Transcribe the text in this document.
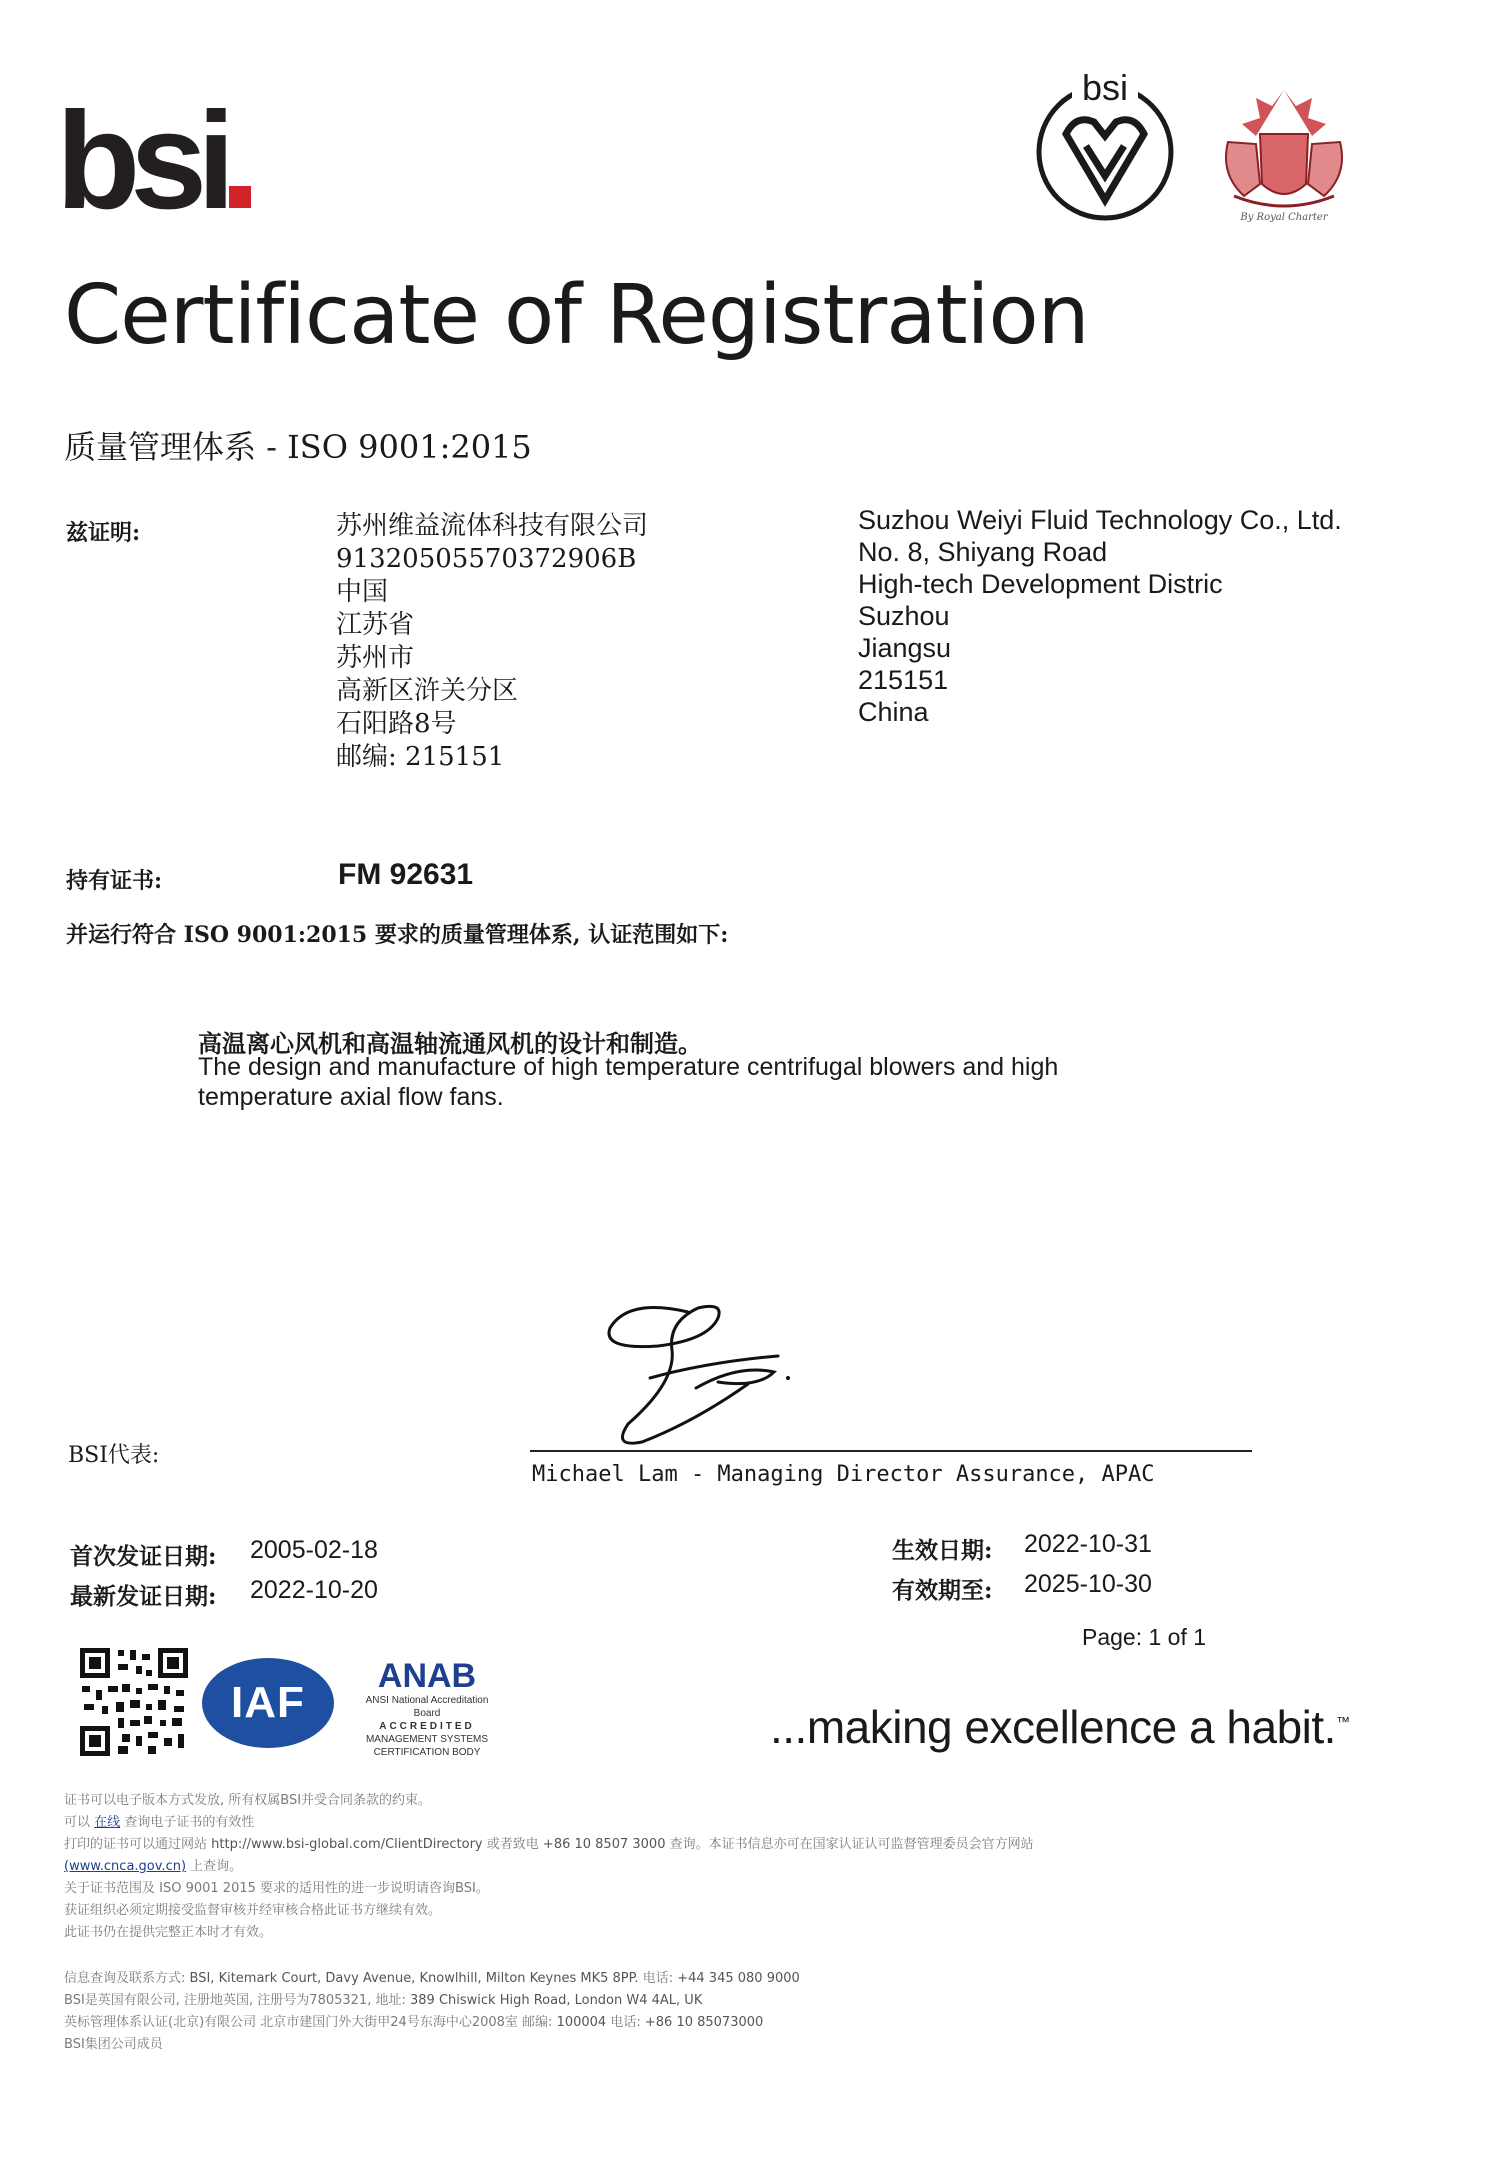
bsi	bsi
By Royal Charter
Certificate of Registration
质量管理体系 - ISO 9001:2015
兹证明:	苏州维益流体科技有限公司
91320505570372906B
中国
江苏省
苏州市
高新区浒关分区
石阳路8号
邮编: 215151
Suzhou Weiyi Fluid Technology Co., Ltd.
No. 8, Shiyang Road
High-tech Development Distric
Suzhou
Jiangsu
215151
China
持有证书:	FM 92631
并运行符合 ISO 9001:2015 要求的质量管理体系, 认证范围如下:
高温离心风机和高温轴流通风机的设计和制造。
The design and manufacture of high temperature centrifugal blowers and high temperature axial flow fans.
BSI代表:
Michael Lam - Managing Director Assurance, APAC
首次发证日期: 2005-02-18
最新发证日期: 2022-10-20
生效日期: 2022-10-31
有效期至: 2025-10-30
Page: 1 of 1
IAF
ANAB
ANSI National Accreditation Board
ACCREDITED
MANAGEMENT SYSTEMS CERTIFICATION BODY	...making excellence a habit.™
证书可以电子版本方式发放, 所有权属BSI并受合同条款的约束。
可以 在线 查询电子证书的有效性
打印的证书可以通过网站 http://www.bsi-global.com/ClientDirectory 或者致电 +86 10 8507 3000 查询。本证书信息亦可在国家认证认可监督管理委员会官方网站
(www.cnca.gov.cn) 上查询。
关于证书范围及 ISO 9001 2015 要求的适用性的进一步说明请咨询BSI。
获证组织必须定期接受监督审核并经审核合格此证书方继续有效。
此证书仍在提供完整正本时才有效。
信息查询及联系方式: BSI, Kitemark Court, Davy Avenue, Knowlhill, Milton Keynes MK5 8PP. 电话: +44 345 080 9000
BSI是英国有限公司, 注册地英国, 注册号为7805321, 地址: 389 Chiswick High Road, London W4 4AL, UK
英标管理体系认证(北京)有限公司 北京市建国门外大街甲24号东海中心2008室 邮编: 100004 电话: +86 10 85073000
BSI集团公司成员
